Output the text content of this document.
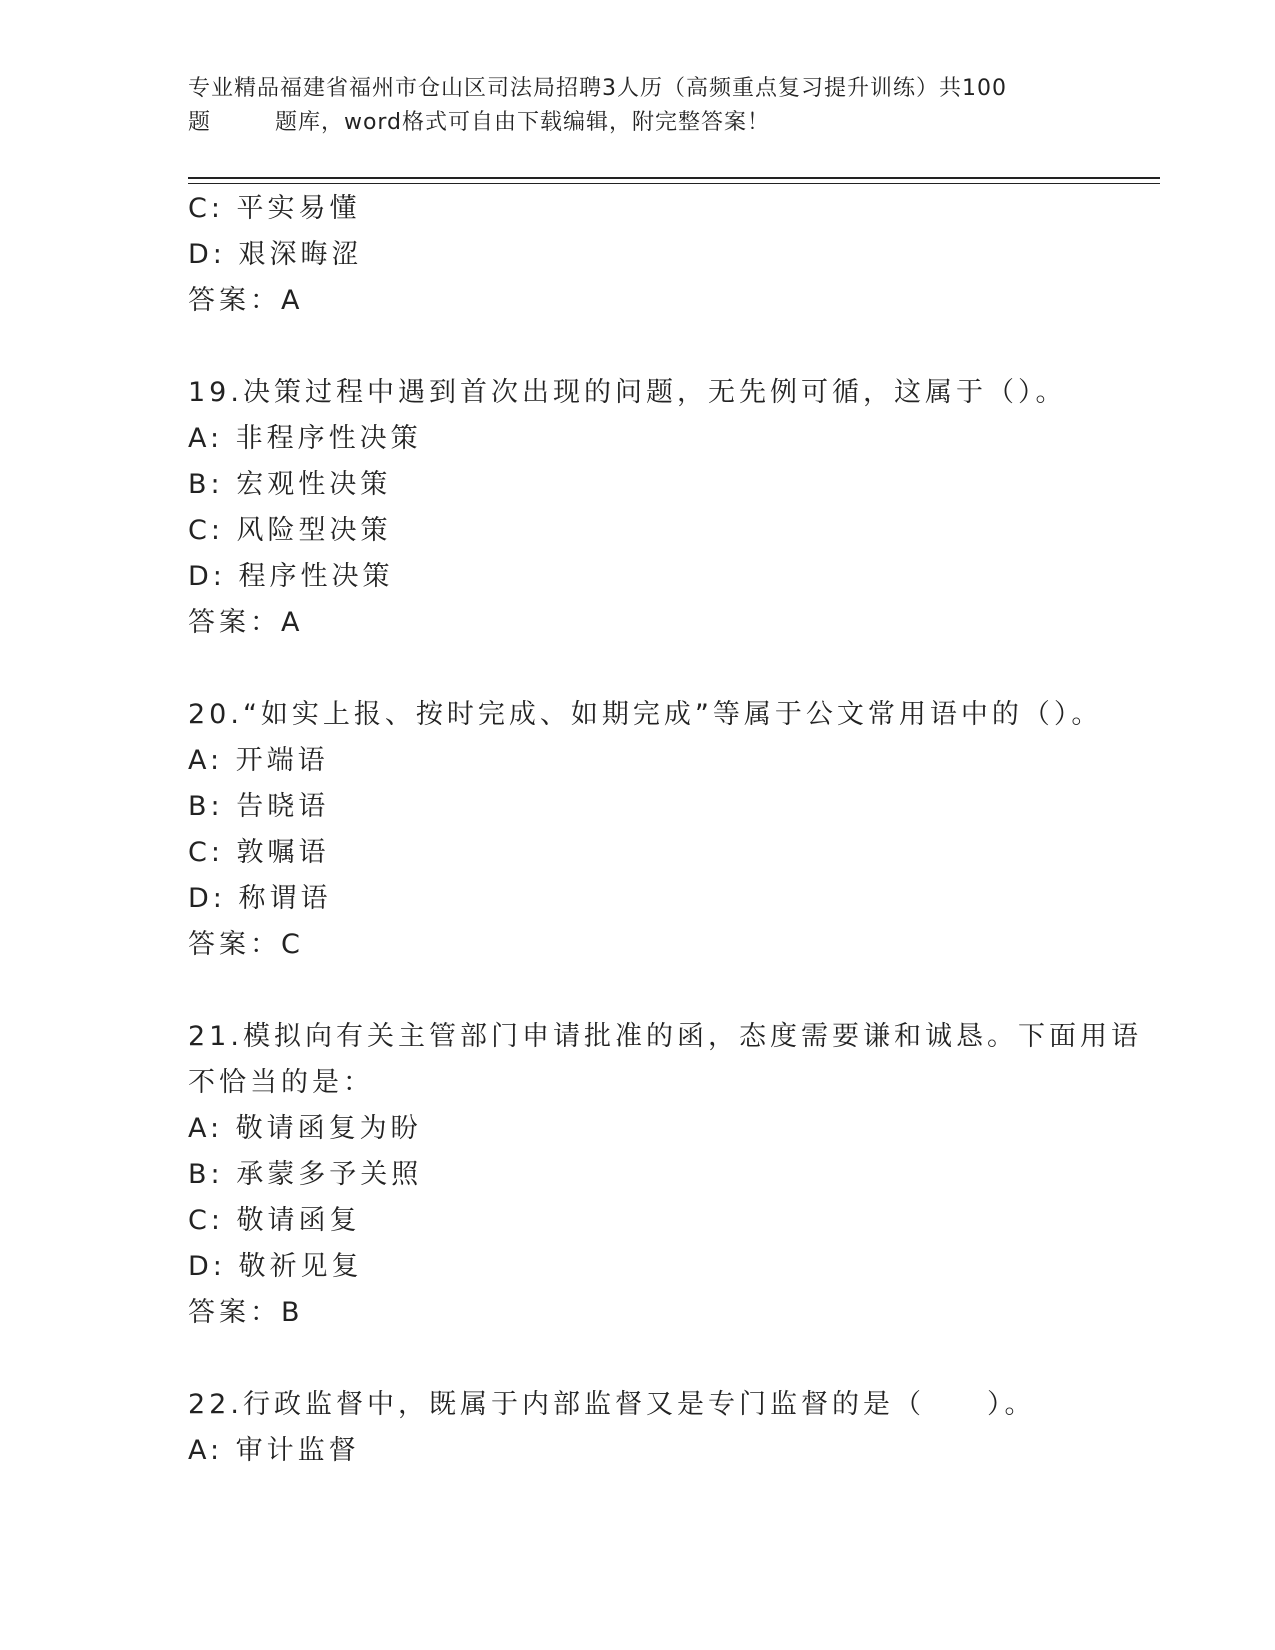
专业精品福建省福州市仓山区司法局招聘3人历（高频重点复习提升训练）共100
题        题库，word格式可自由下载编辑，附完整答案！
C: 平实易懂
D: 艰深晦涩
答案：A
19.决策过程中遇到首次出现的问题，无先例可循，这属于（）。
A: 非程序性决策
B: 宏观性决策
C: 风险型决策
D: 程序性决策
答案：A
20.“如实上报、按时完成、如期完成”等属于公文常用语中的（）。
A: 开端语
B: 告晓语
C: 敦嘱语
D: 称谓语
答案：C
21.模拟向有关主管部门申请批准的函，态度需要谦和诚恳。下面用语
不恰当的是：
A: 敬请函复为盼
B: 承蒙多予关照
C: 敬请函复
D: 敬祈见复
答案：B
22.行政监督中，既属于内部监督又是专门监督的是（　　）。
A: 审计监督
